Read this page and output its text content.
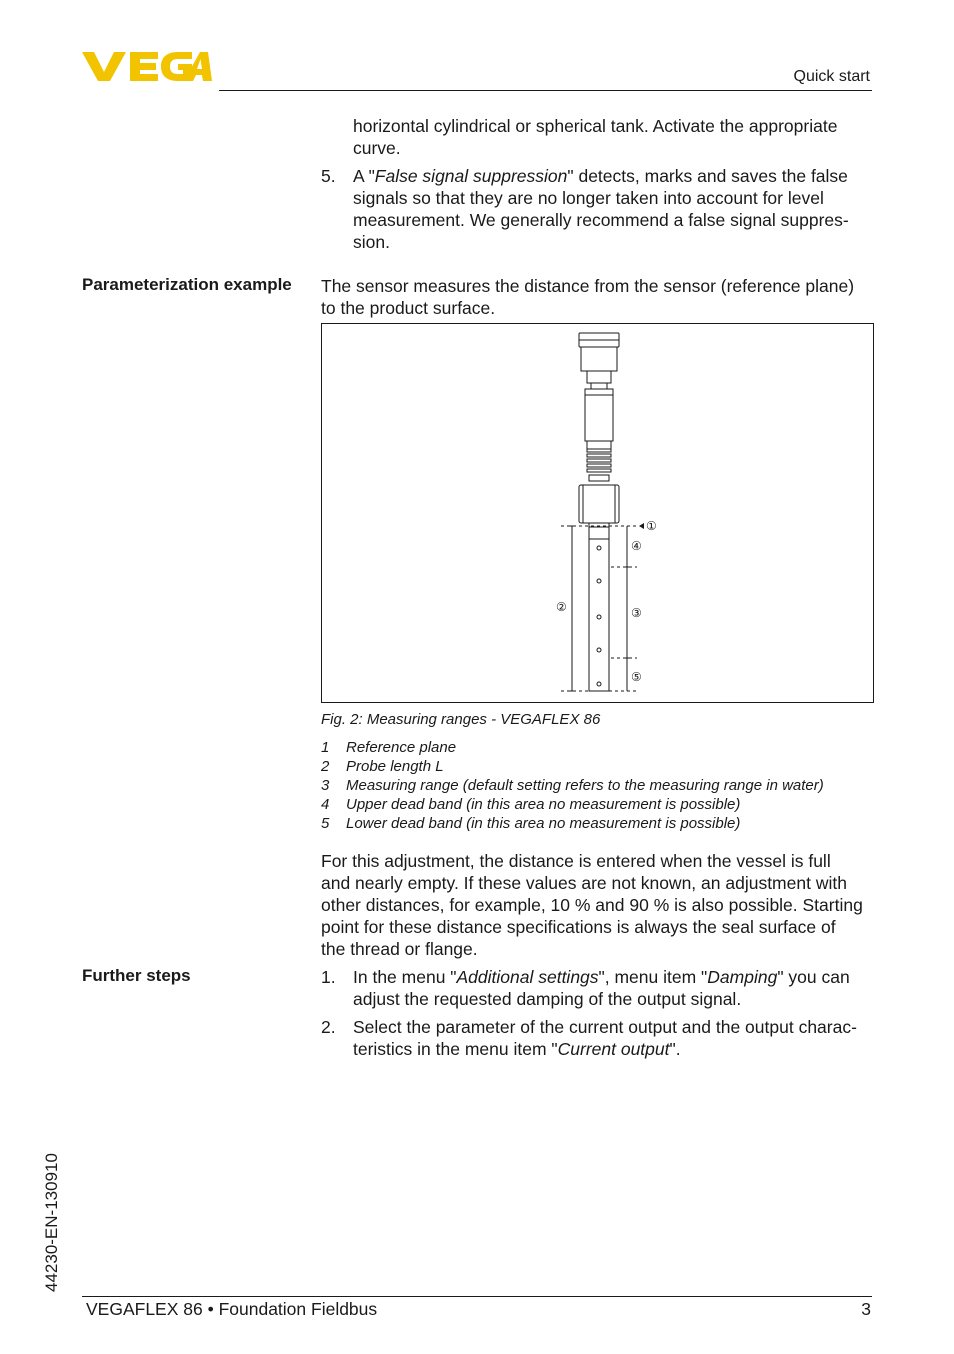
Quick start
horizontal cylindrical or spherical tank. Activate the appropriate
curve.
5. A "False signal suppression" detects, marks and saves the false
signals so that they are no longer taken into account for level
measurement. We generally recommend a false signal suppres-
sion.
Parameterization example The sensor measures the distance from the sensor (reference plane)
to the product surface.
①
④
②	③
⑤
Fig. 2: Measuring ranges - VEGAFLEX 86
1 Reference plane
2 Probe length L
3 Measuring range (default setting refers to the measuring range in water)
4 Upper dead band (in this area no measurement is possible)
5 Lower dead band (in this area no measurement is possible)
For this adjustment, the distance is entered when the vessel is full
and nearly empty. If these values are not known, an adjustment with
other distances, for example, 10 % and 90 % is also possible. Starting
point for these distance specifications is always the seal surface of
the thread or flange.
Further steps	1. In the menu "Additional settings", menu item "Damping" you can
adjust the requested damping of the output signal.
2. Select the parameter of the current output and the output charac-
teristics in the menu item "Current output".
44230-EN-130910
VEGAFLEX 86 • Foundation Fieldbus	3
